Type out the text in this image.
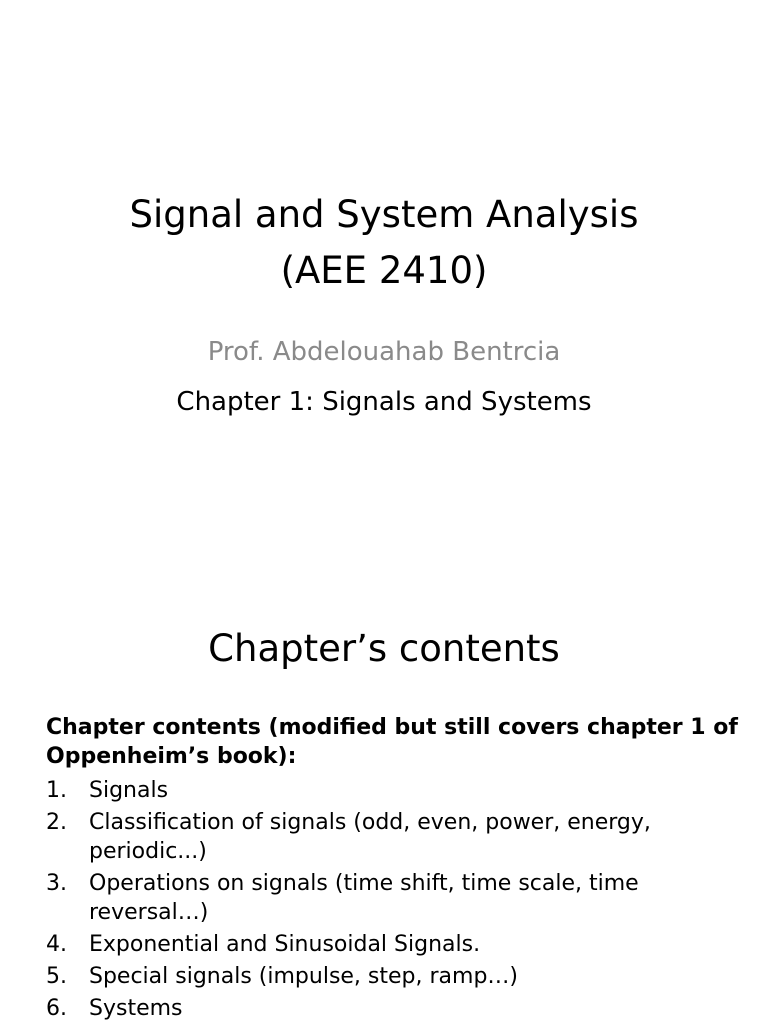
Signal and System Analysis
(AEE 2410)
Prof. Abdelouahab Bentrcia
Chapter 1: Signals and Systems
Chapter’s contents
Chapter contents (modified but still covers chapter 1 of Oppenheim’s book):
1.	Signals
2.	Classification of signals (odd, even, power, energy, periodic...)
3.	Operations on signals (time shift, time scale, time reversal…)
4.	Exponential and Sinusoidal Signals.
5.	Special signals (impulse, step, ramp…)
6.	Systems
